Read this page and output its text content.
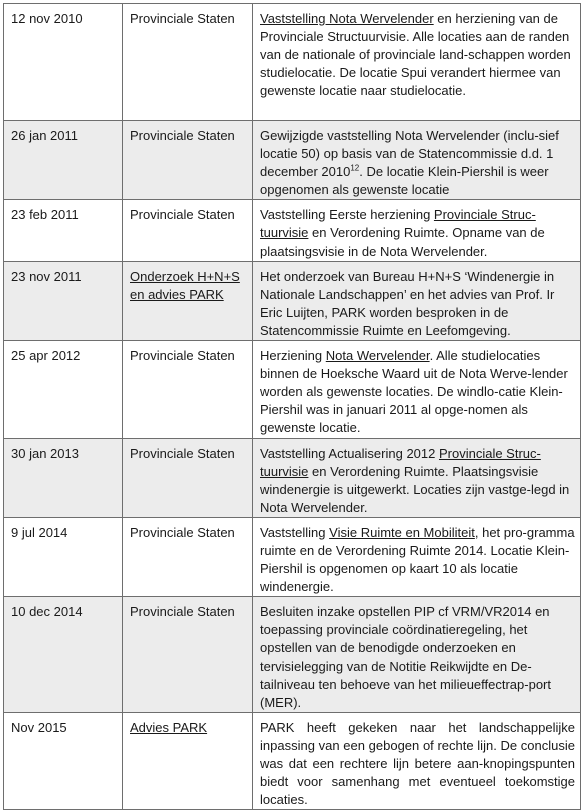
12 nov 2010	Provinciale Staten	Vaststelling Nota Wervelender en herziening van de Provinciale Structuurvisie. Alle locaties aan de randen van de nationale of provinciale land-schappen worden studielocatie. De locatie Spui verandert hiermee van gewenste locatie naar studielocatie.
26 jan 2011	Provinciale Staten	Gewijzigde vaststelling Nota Wervelender (inclu-sief locatie 50) op basis van de Statencommissie d.d. 1 december 2010$^{12}$. De locatie Klein-Piershil is weer opgenomen als gewenste locatie
23 feb 2011	Provinciale Staten	Vaststelling Eerste herziening Provinciale Struc-tuurvisie en Verordening Ruimte. Opname van de plaatsingsvisie in de Nota Wervelender.
23 nov 2011	Onderzoek H+N+S en advies PARK	Het onderzoek van Bureau H+N+S ‘Windenergie in Nationale Landschappen’ en het advies van Prof. Ir Eric Luijten, PARK worden besproken in de Statencommissie Ruimte en Leefomgeving.
25 apr 2012	Provinciale Staten	Herziening Nota Wervelender. Alle studielocaties binnen de Hoeksche Waard uit de Nota Werve-lender worden als gewenste locaties. De windlo-catie Klein-Piershil was in januari 2011 al opge-nomen als gewenste locatie.
30 jan 2013	Provinciale Staten	Vaststelling Actualisering 2012 Provinciale Struc-tuurvisie en Verordening Ruimte. Plaatsingsvisie windenergie is uitgewerkt. Locaties zijn vastge-legd in Nota Wervelender.
9 jul 2014	Provinciale Staten	Vaststelling Visie Ruimte en Mobiliteit, het pro-gramma ruimte en de Verordening Ruimte 2014. Locatie Klein-Piershil is opgenomen op kaart 10 als locatie windenergie.
10 dec 2014	Provinciale Staten	Besluiten inzake opstellen PIP cf VRM/VR2014 en toepassing provinciale coördinatieregeling, het opstellen van de benodigde onderzoeken en tervisielegging van de Notitie Reikwijdte en De-tailniveau ten behoeve van het milieueffectrap-port (MER).
Nov 2015	Advies PARK	PARK heeft gekeken naar het landschappelijke inpassing van een gebogen of rechte lijn. De conclusie was dat een rechtere lijn betere aan-knopingspunten biedt voor samenhang met eventueel toekomstige locaties.
